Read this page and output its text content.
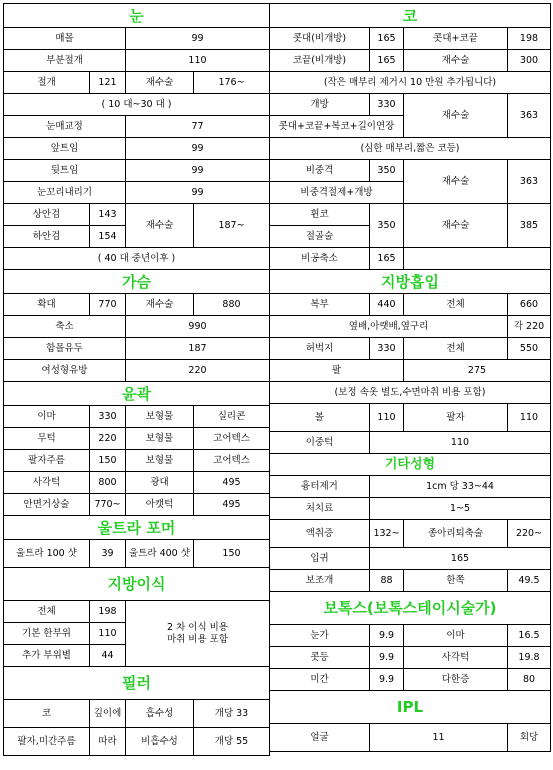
눈			
매몰		99	
부분절개		110	
절개	121	재수술	176~
( 10 대~30 대 )			
눈매교정		77	
앞트임		99	
뒷트임		99	
눈꼬리내리기		99	
상안검	143	재수술	187~
하안검	154		
( 40 대 중년이후 )			
가슴			
확대	770	재수술	880
축소		990	
함몰유두		187	
여성형유방		220	
윤곽			
이마	330	보형물	실리콘
무턱	220	보형물	고어텍스
팔자주름	150	보형물	고어텍스
사각턱	800	광대	495
안면거상술	770~	아캣턱	495
울트라 포머			
울트라 100 샷	39	울트라 400 샷	150
지방이식			
전체	198	2 차 이식 비용
마취 비용 포함	
기본 한부위	110		
추가 부위별	44		
필러			
코	깊이에	흡수성	개당 33
팔자,미간주름	따라	비흡수성	개당 55
코			
콧대(비개방)	165	콧대+코끝	198
코끝(비개방)	165	재수술	300
(작은 매부리 제거시 10 만원 추가됩니다)			
개방	330	재수술	363
콧대+코끝+복코+길이연장			
(심한 매부리,짧은 코등)			
비중격	350	재수술	363
비중격절제+개방			
휜코	350	재수술	385
절골술			
비공축소	165		
지방흡입			
복부	440	전체	660
옆배,아랫배,옆구리			각 220
허벅지	330	전체	550
팔		275	
(보정 속옷 별도,수면마취 비용 포함)			
볼	110	팔자	110
이중턱	110		
기타성형			
흉터제거	1cm 당 33~44		
처치료	1~5		
액취증	132~	종아리퇴축술	220~
입귀	165		
보조개	88	한쪽	49.5
보톡스(보톡스테이시술가)			
눈가	9.9	이마	16.5
콧등	9.9	사각턱	19.8
미간	9.9	다한증	80
IPL			
얼굴	11		회당
